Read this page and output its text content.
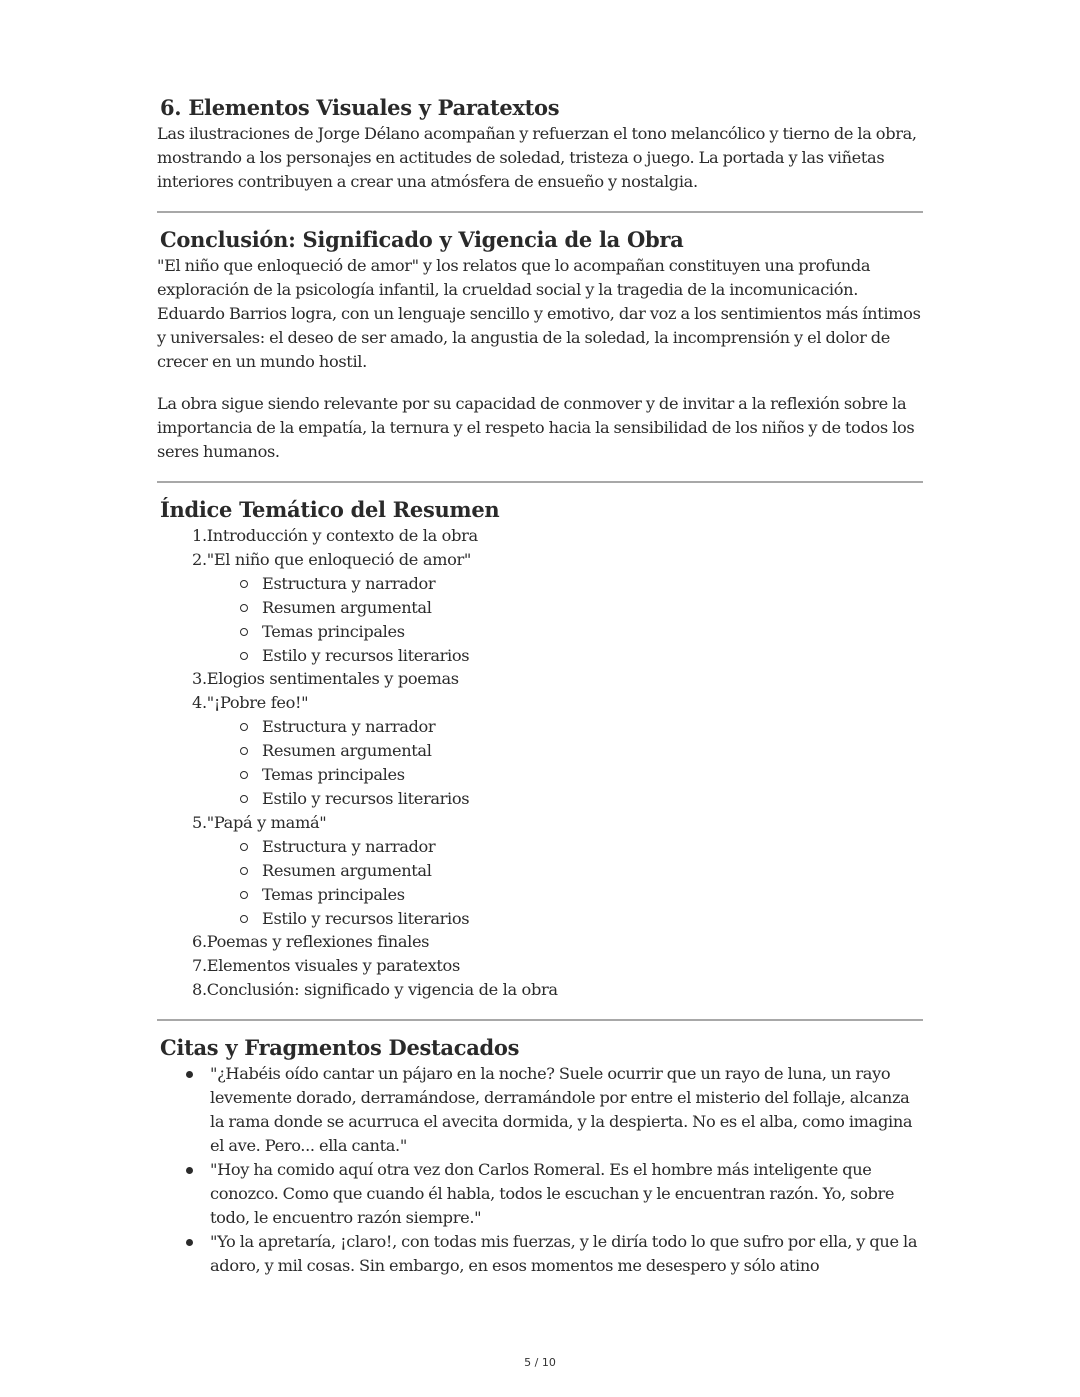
6. Elementos Visuales y Paratextos

Las ilustraciones de Jorge Délano acompañan y refuerzan el tono melancólico y tierno de la obra, mostrando a los personajes en actitudes de soledad, tristeza o juego. La portada y las viñetas interiores contribuyen a crear una atmósfera de ensueño y nostalgia.

Conclusión: Significado y Vigencia de la Obra

"El niño que enloqueció de amor" y los relatos que lo acompañan constituyen una profunda exploración de la psicología infantil, la crueldad social y la tragedia de la incomunicación. Eduardo Barrios logra, con un lenguaje sencillo y emotivo, dar voz a los sentimientos más íntimos y universales: el deseo de ser amado, la angustia de la soledad, la incomprensión y el dolor de crecer en un mundo hostil.

La obra sigue siendo relevante por su capacidad de conmover y de invitar a la reflexión sobre la importancia de la empatía, la ternura y el respeto hacia la sensibilidad de los niños y de todos los seres humanos.

Índice Temático del Resumen
1.Introducción y contexto de la obra
2."El niño que enloqueció de amor"
Estructura y narrador
Resumen argumental
Temas principales
Estilo y recursos literarios
3.Elogios sentimentales y poemas
4."¡Pobre feo!"
Estructura y narrador
Resumen argumental
Temas principales
Estilo y recursos literarios
5."Papá y mamá"
Estructura y narrador
Resumen argumental
Temas principales
Estilo y recursos literarios
6.Poemas y reflexiones finales
7.Elementos visuales y paratextos
8.Conclusión: significado y vigencia de la obra
Citas y Fragmentos Destacados
"¿Habéis oído cantar un pájaro en la noche? Suele ocurrir que un rayo de luna, un rayo levemente dorado, derramándose, derramándole por entre el misterio del follaje, alcanza la rama donde se acurruca el avecita dormida, y la despierta. No es el alba, como imagina el ave. Pero... ella canta."
"Hoy ha comido aquí otra vez don Carlos Romeral. Es el hombre más inteligente que conozco. Como que cuando él habla, todos le escuchan y le encuentran razón. Yo, sobre todo, le encuentro razón siempre."
"Yo la apretaría, ¡claro!, con todas mis fuerzas, y le diría todo lo que sufro por ella, y que la adoro, y mil cosas. Sin embargo, en esos momentos me desespero y sólo atino
5 / 10
